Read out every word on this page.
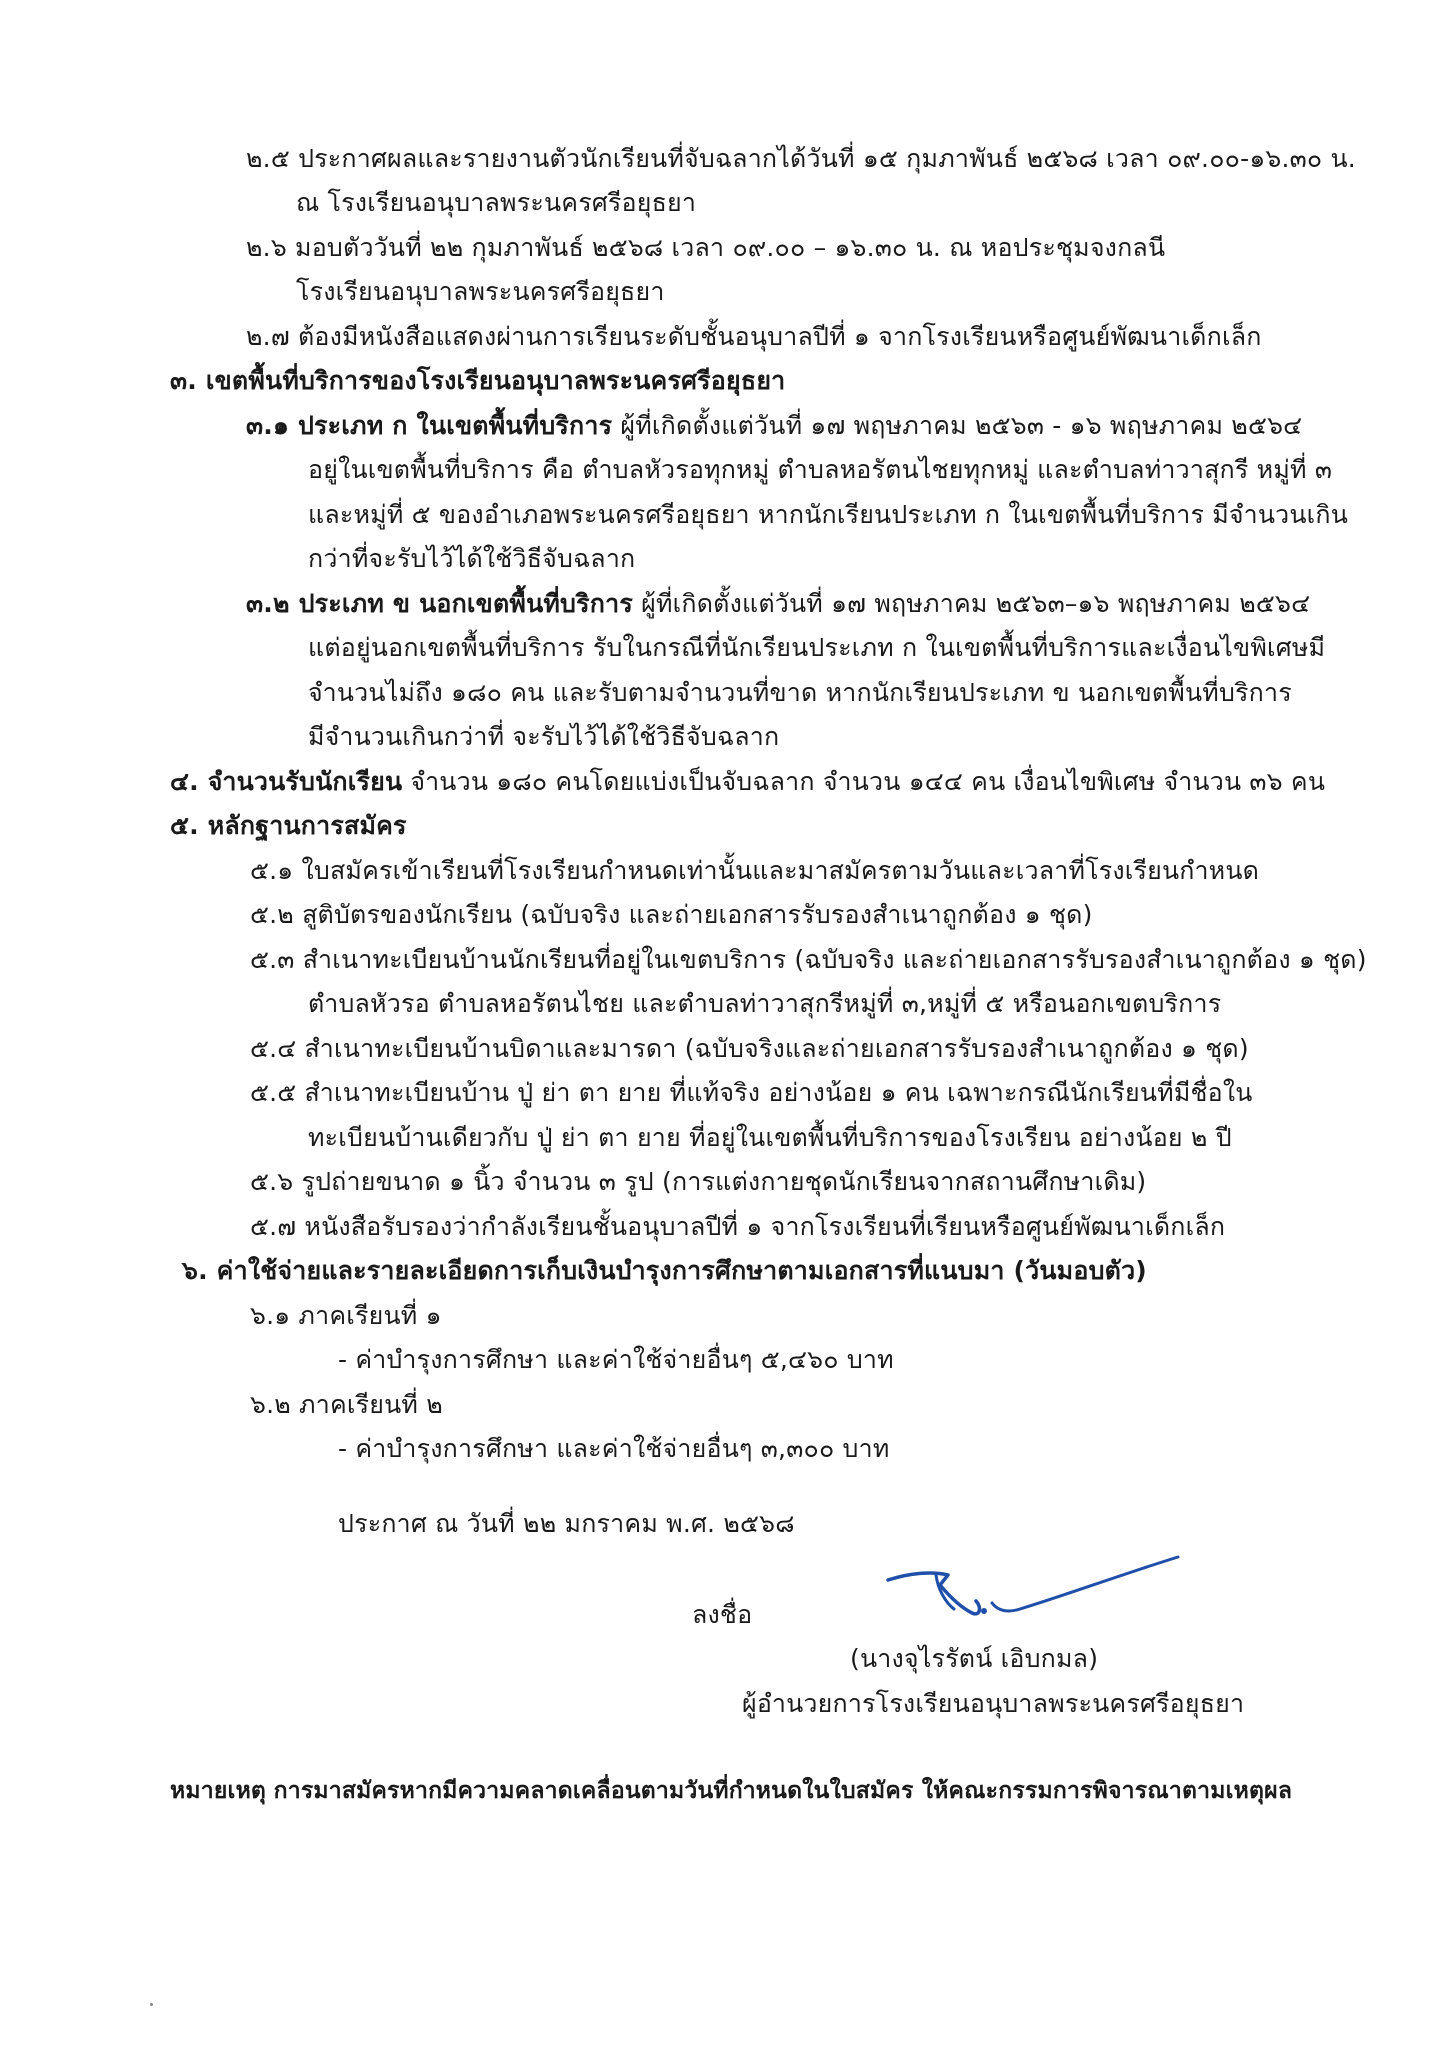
๒.๕ ประกาศผลและรายงานตัวนักเรียนที่จับฉลากได้วันที่ ๑๕ กุมภาพันธ์ ๒๕๖๘ เวลา ๐๙.๐๐-๑๖.๓๐ น.
ณ โรงเรียนอนุบาลพระนครศรีอยุธยา
๒.๖ มอบตัววันที่ ๒๒ กุมภาพันธ์ ๒๕๖๘ เวลา ๐๙.๐๐ – ๑๖.๓๐ น. ณ หอประชุมจงกลนี
โรงเรียนอนุบาลพระนครศรีอยุธยา
๒.๗ ต้องมีหนังสือแสดงผ่านการเรียนระดับชั้นอนุบาลปีที่ ๑ จากโรงเรียนหรือศูนย์พัฒนาเด็กเล็ก
๓. เขตพื้นที่บริการของโรงเรียนอนุบาลพระนครศรีอยุธยา
๓.๑ ประเภท ก ในเขตพื้นที่บริการ ผู้ที่เกิดตั้งแต่วันที่ ๑๗ พฤษภาคม ๒๕๖๓ - ๑๖ พฤษภาคม ๒๕๖๔
อยู่ในเขตพื้นที่บริการ คือ ตำบลหัวรอทุกหมู่ ตำบลหอรัตนไชยทุกหมู่ และตำบลท่าวาสุกรี หมู่ที่ ๓
และหมู่ที่ ๕ ของอำเภอพระนครศรีอยุธยา หากนักเรียนประเภท ก ในเขตพื้นที่บริการ มีจำนวนเกิน
กว่าที่จะรับไว้ได้ใช้วิธีจับฉลาก
๓.๒ ประเภท ข นอกเขตพื้นที่บริการ ผู้ที่เกิดตั้งแต่วันที่ ๑๗ พฤษภาคม ๒๕๖๓–๑๖ พฤษภาคม ๒๕๖๔
แต่อยู่นอกเขตพื้นที่บริการ รับในกรณีที่นักเรียนประเภท ก ในเขตพื้นที่บริการและเงื่อนไขพิเศษมี
จำนวนไม่ถึง ๑๘๐ คน และรับตามจำนวนที่ขาด หากนักเรียนประเภท ข นอกเขตพื้นที่บริการ
มีจำนวนเกินกว่าที่ จะรับไว้ได้ใช้วิธีจับฉลาก
๔. จำนวนรับนักเรียน จำนวน ๑๘๐ คนโดยแบ่งเป็นจับฉลาก จำนวน ๑๔๔ คน เงื่อนไขพิเศษ จำนวน ๓๖ คน
๕. หลักฐานการสมัคร
๕.๑ ใบสมัครเข้าเรียนที่โรงเรียนกำหนดเท่านั้นและมาสมัครตามวันและเวลาที่โรงเรียนกำหนด
๕.๒ สูติบัตรของนักเรียน (ฉบับจริง และถ่ายเอกสารรับรองสำเนาถูกต้อง ๑ ชุด)
๕.๓ สำเนาทะเบียนบ้านนักเรียนที่อยู่ในเขตบริการ (ฉบับจริง และถ่ายเอกสารรับรองสำเนาถูกต้อง ๑ ชุด)
ตำบลหัวรอ ตำบลหอรัตนไชย และตำบลท่าวาสุกรีหมู่ที่ ๓,หมู่ที่ ๕ หรือนอกเขตบริการ
๕.๔ สำเนาทะเบียนบ้านบิดาและมารดา (ฉบับจริงและถ่ายเอกสารรับรองสำเนาถูกต้อง ๑ ชุด)
๕.๕ สำเนาทะเบียนบ้าน ปู่ ย่า ตา ยาย ที่แท้จริง อย่างน้อย ๑ คน เฉพาะกรณีนักเรียนที่มีชื่อใน
ทะเบียนบ้านเดียวกับ ปู่ ย่า ตา ยาย ที่อยู่ในเขตพื้นที่บริการของโรงเรียน อย่างน้อย ๒ ปี
๕.๖ รูปถ่ายขนาด ๑ นิ้ว จำนวน ๓ รูป (การแต่งกายชุดนักเรียนจากสถานศึกษาเดิม)
๕.๗ หนังสือรับรองว่ากำลังเรียนชั้นอนุบาลปีที่ ๑ จากโรงเรียนที่เรียนหรือศูนย์พัฒนาเด็กเล็ก
๖. ค่าใช้จ่ายและรายละเอียดการเก็บเงินบำรุงการศึกษาตามเอกสารที่แนบมา (วันมอบตัว)
๖.๑ ภาคเรียนที่ ๑
- ค่าบำรุงการศึกษา และค่าใช้จ่ายอื่นๆ ๕,๔๖๐ บาท
๖.๒ ภาคเรียนที่ ๒
- ค่าบำรุงการศึกษา และค่าใช้จ่ายอื่นๆ ๓,๓๐๐ บาท
ประกาศ ณ วันที่ ๒๒ มกราคม พ.ศ. ๒๕๖๘
ลงชื่อ
(นางจุไรรัตน์ เอิบกมล)
ผู้อำนวยการโรงเรียนอนุบาลพระนครศรีอยุธยา
หมายเหตุ การมาสมัครหากมีความคลาดเคลื่อนตามวันที่กำหนดในใบสมัคร ให้คณะกรรมการพิจารณาตามเหตุผล
